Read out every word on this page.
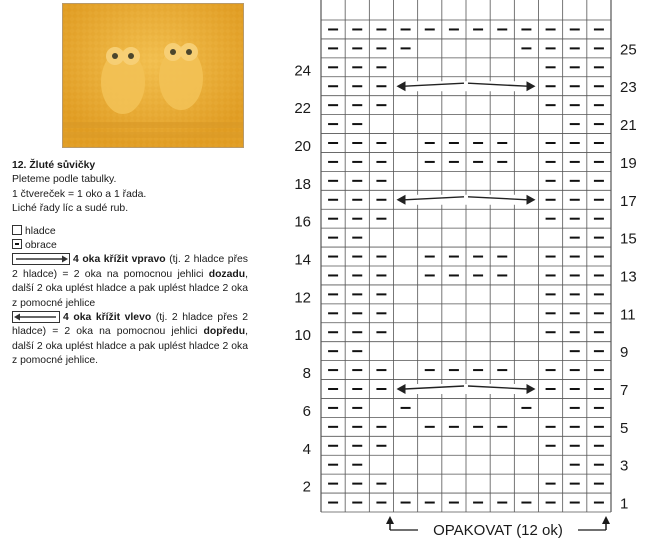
12. Žluté sůvičky

Pleteme podle tabulky.

1 čtvereček = 1 oko a 1 řada.

Liché řady líc a sudé rub.

hladce

obrace

4 oka křížit vpravo (tj. 2 hladce přes 2 hladce) = 2 oka na pomocnou jehlici dozadu, další 2 oka uplést hladce a pak uplést hladce 2 oka z pomocné jehlice

4 oka křížit vlevo (tj. 2 hladce přes 2 hladce) = 2 oka na pomocnou jehlici dopředu, další 2 oka uplést hladce a pak uplést hladce 2 oka z pomocné jehlice.

1
2
3
4
5
6
7
8
9
10
11
12
13
14
15
16
17
18
19
20
21
22
23
24
25
OPAKOVAT (12 ok)
